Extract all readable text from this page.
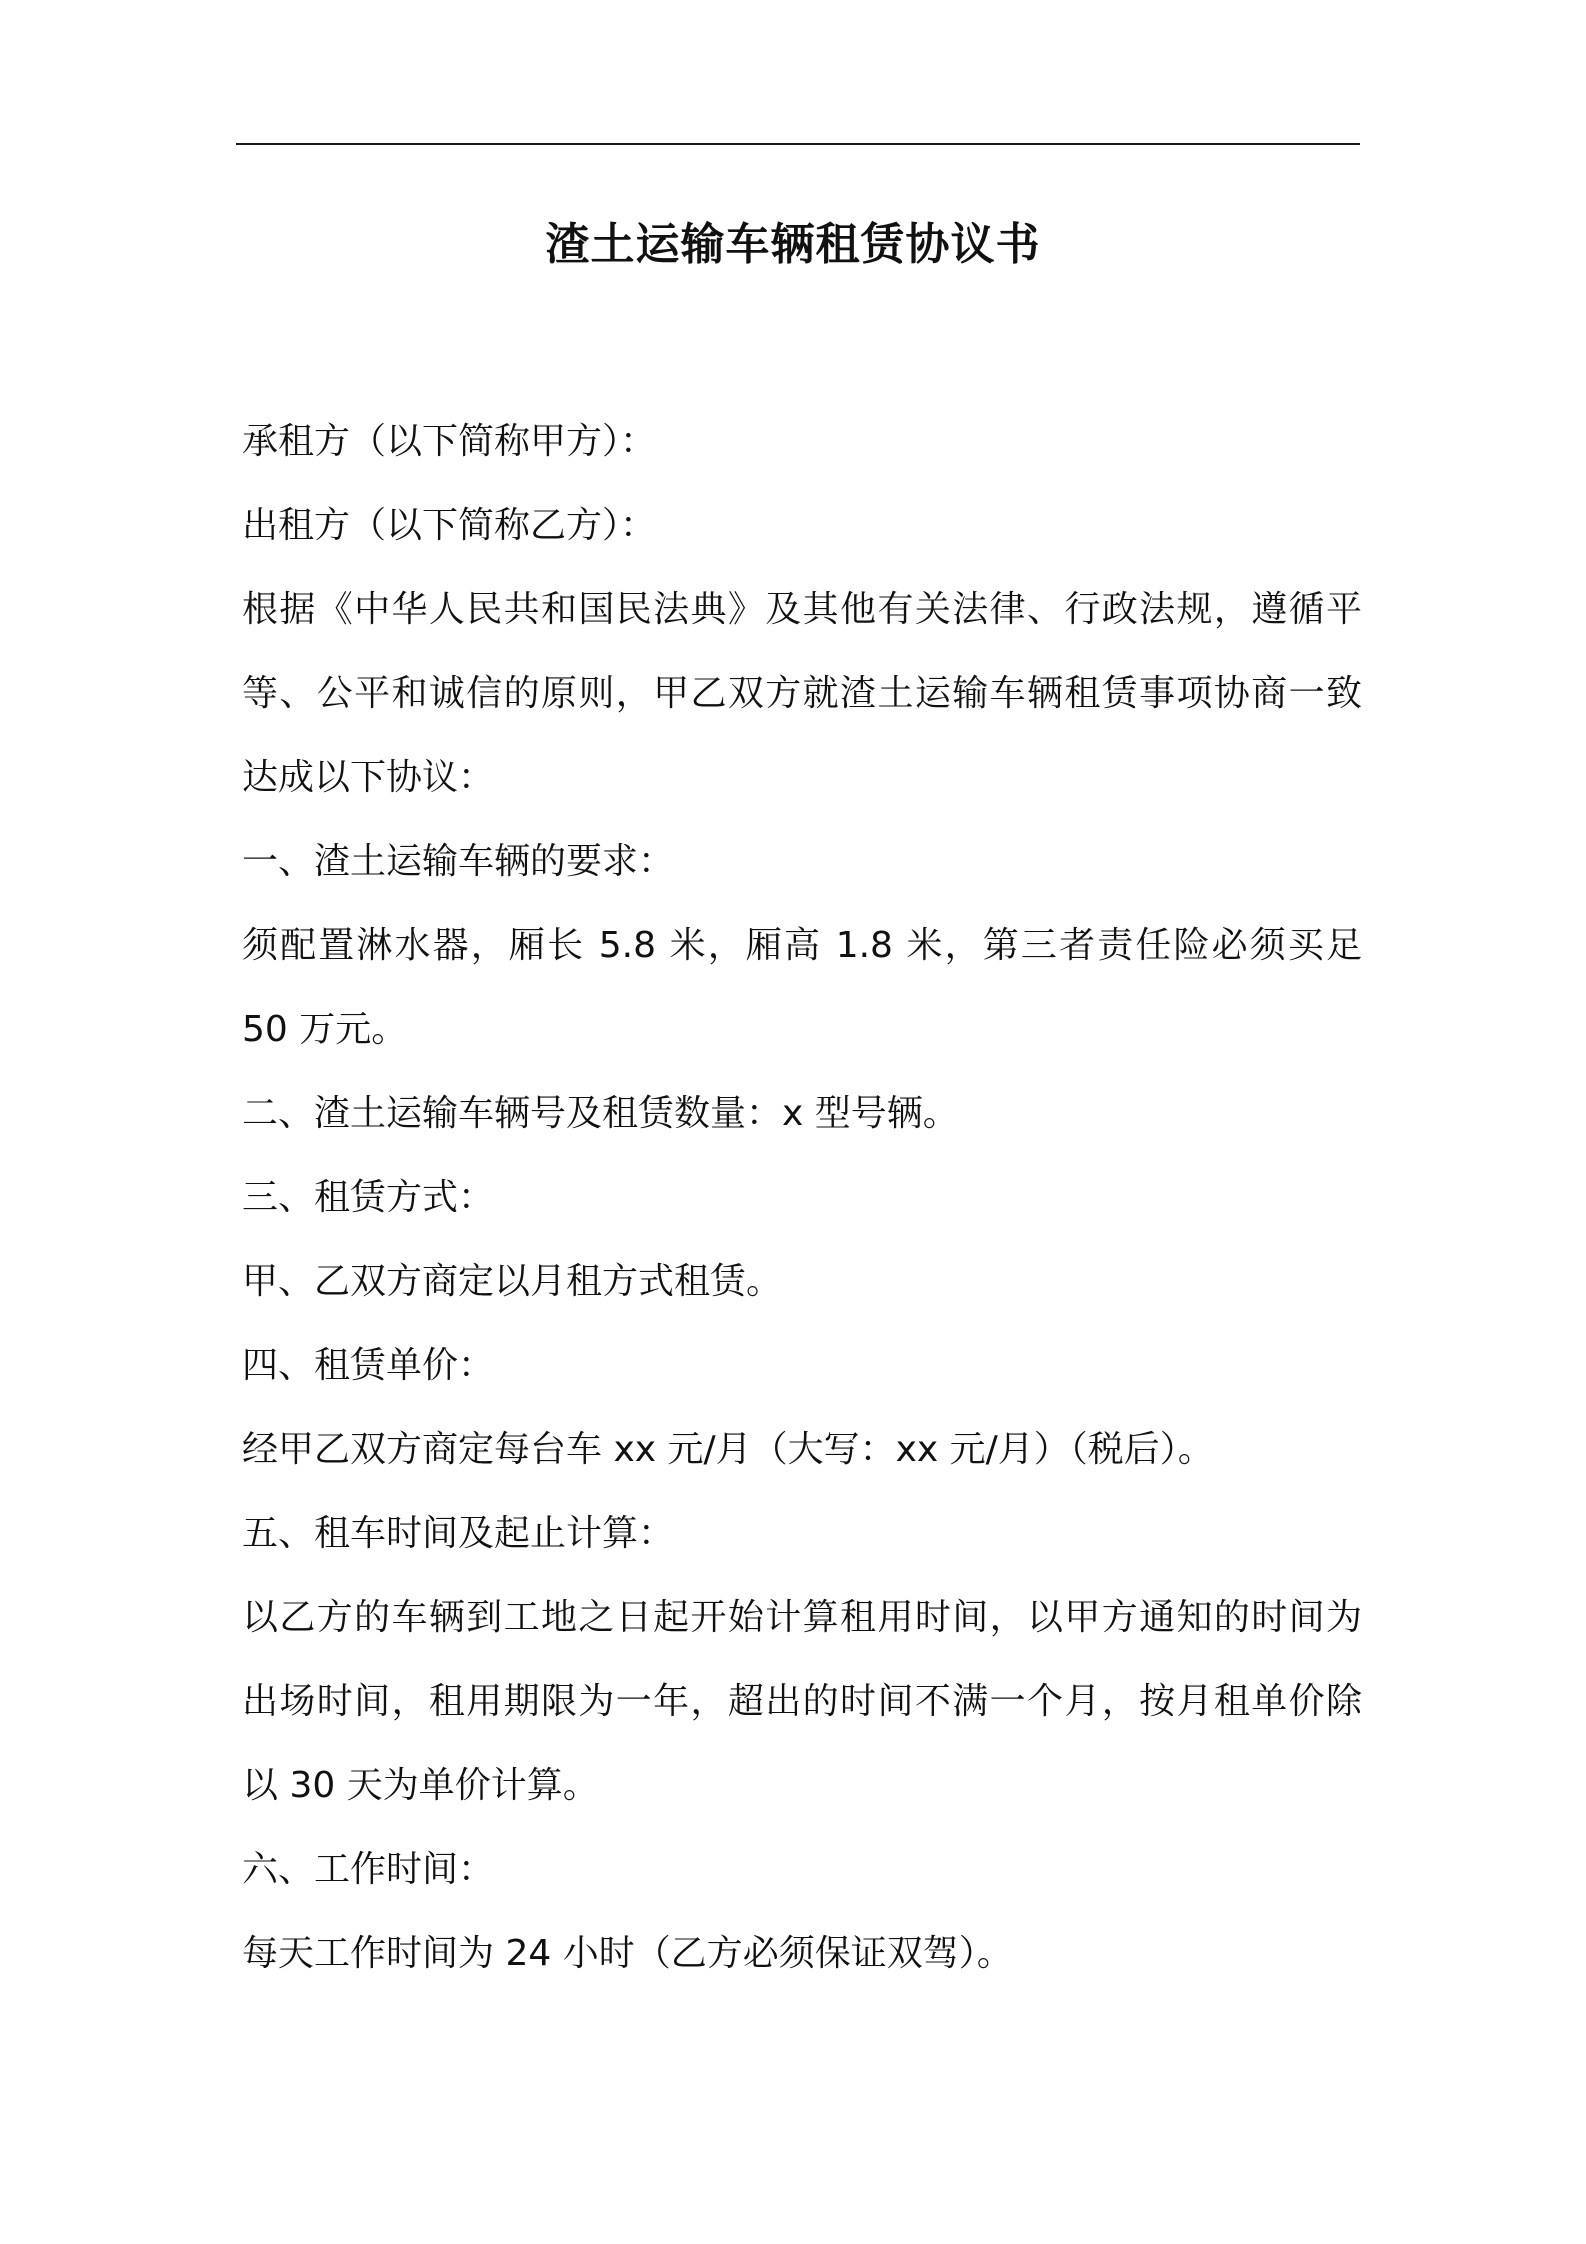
渣土运输车辆租赁协议书
承租方（以下简称甲方）：
出租方（以下简称乙方）：
根据《中华人民共和国民法典》及其他有关法律、行政法规，遵循平
等、公平和诚信的原则，甲乙双方就渣土运输车辆租赁事项协商一致
达成以下协议：
一、渣土运输车辆的要求：
须配置淋水器，厢长 5.8 米，厢高 1.8 米，第三者责任险必须买足
50 万元。
二、渣土运输车辆号及租赁数量：x 型号辆。
三、租赁方式：
甲、乙双方商定以月租方式租赁。
四、租赁单价：
经甲乙双方商定每台车 xx 元/月（大写：xx 元/月）（税后）。
五、租车时间及起止计算：
以乙方的车辆到工地之日起开始计算租用时间，以甲方通知的时间为
出场时间，租用期限为一年，超出的时间不满一个月，按月租单价除
以 30 天为单价计算。
六、工作时间：
每天工作时间为 24 小时（乙方必须保证双驾）。
